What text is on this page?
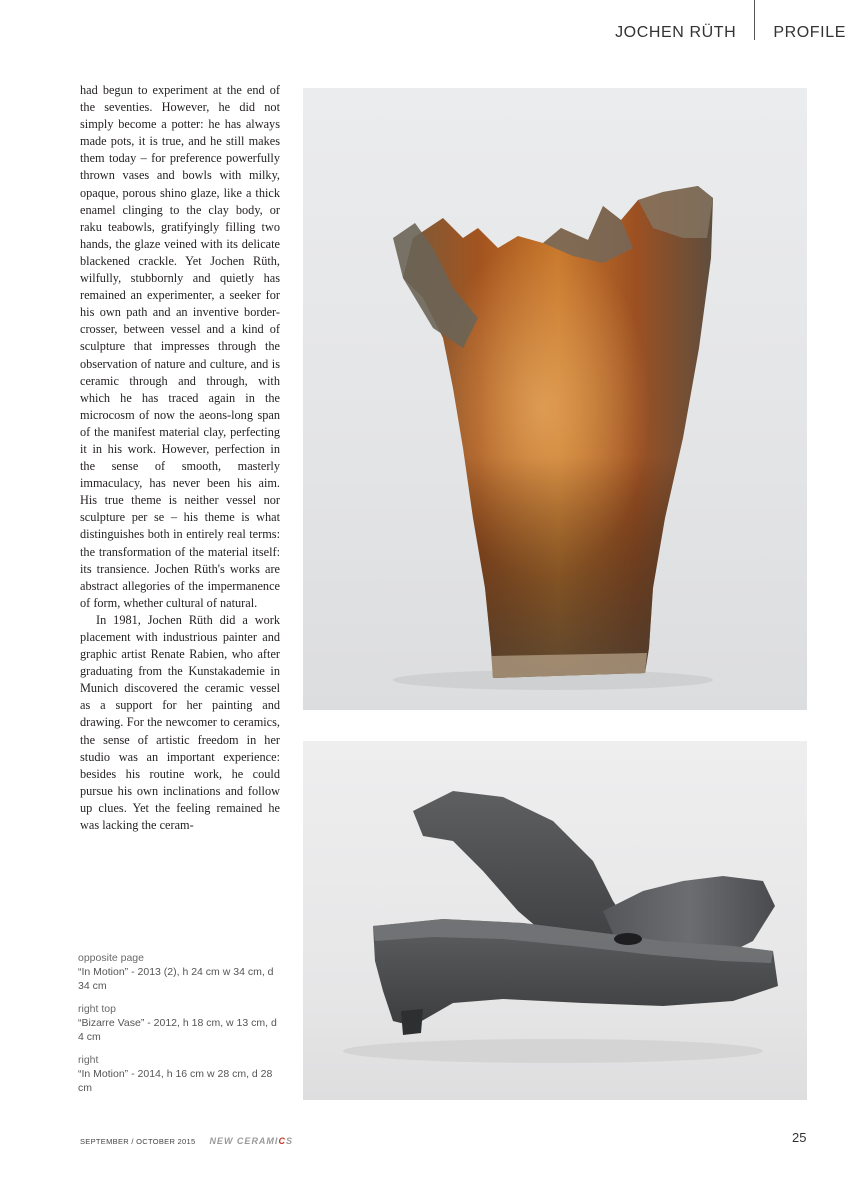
JOCHEN RÜTH	PROFILE

had begun to experiment at the end of the seventies. However, he did not simply become a potter: he has always made pots, it is true, and he still makes them today – for preference powerfully thrown vases and bowls with milky, opaque, porous shino glaze, like a thick enamel clinging to the clay body, or raku teabowls, gratifyingly filling two hands, the glaze veined with its delicate blackened crackle. Yet Jochen Rüth, wilfully, stubbornly and quietly has remained an experimenter, a seeker for his own path and an inventive border-crosser, between vessel and a kind of sculpture that impresses through the observation of nature and culture, and is ceramic through and through, with which he has traced again in the microcosm of now the aeons-long span of the manifest material clay, perfecting it in his work. However, perfection in the sense of smooth, masterly immaculacy, has never been his aim. His true theme is neither vessel nor sculpture per se – his theme is what distinguishes both in entirely real terms: the transformation of the material itself: its transience. Jochen Rüth's works are abstract allegories of the impermanence of form, whether cultural of natural.

In 1981, Jochen Rüth did a work placement with industrious painter and graphic artist Renate Rabien, who after graduating from the Kunstakademie in Munich discovered the ceramic vessel as a support for her painting and drawing. For the newcomer to ceramics, the sense of artistic freedom in her studio was an important experience: besides his routine work, he could pursue his own inclinations and follow up clues. Yet the feeling remained he was lacking the ceram-

opposite page
“In Motion” - 2013 (2), h 24 cm w 34 cm, d 34 cm
right top
“Bizarre Vase” - 2012, h 18 cm, w 13 cm, d 4 cm
right
“In Motion” - 2014, h 16 cm w 28 cm, d 28 cm
SEPTEMBER / OCTOBER 2015 NEW CERAMICS	25
